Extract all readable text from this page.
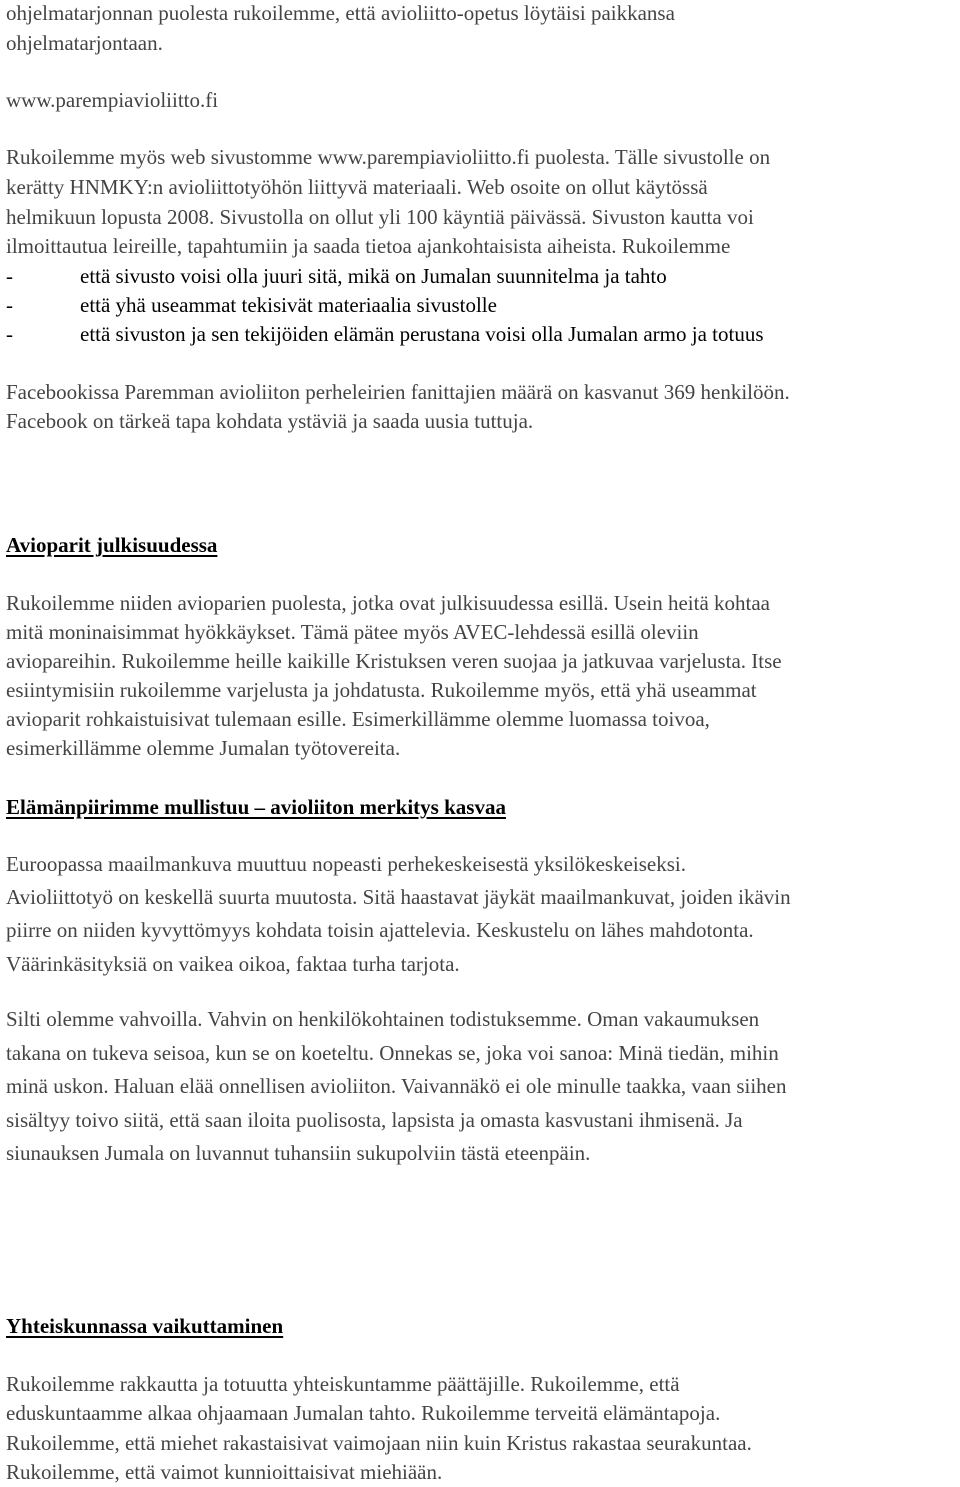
ohjelmatarjonnan puolesta rukoilemme, että avioliitto-opetus löytäisi paikkansa
ohjelmatarjontaan.
www.parempiavioliitto.fi
Rukoilemme myös web sivustomme www.parempiavioliitto.fi puolesta. Tälle sivustolle on
kerätty HNMKY:n avioliittotyöhön liittyvä materiaali. Web osoite on ollut käytössä
helmikuun lopusta 2008. Sivustolla on ollut yli 100 käyntiä päivässä. Sivuston kautta voi
ilmoittautua leireille, tapahtumiin ja saada tietoa ajankohtaisista aiheista. Rukoilemme
-	että sivusto voisi olla juuri sitä, mikä on Jumalan suunnitelma ja tahto
-	että yhä useammat tekisivät materiaalia sivustolle
-	että sivuston ja sen tekijöiden elämän perustana voisi olla Jumalan armo ja totuus
Facebookissa Paremman avioliiton perheleirien fanittajien määrä on kasvanut 369 henkilöön.
Facebook on tärkeä tapa kohdata ystäviä ja saada uusia tuttuja.
Avioparit julkisuudessa
Rukoilemme niiden avioparien puolesta, jotka ovat julkisuudessa esillä. Usein heitä kohtaa
mitä moninaisimmat hyökkäykset. Tämä pätee myös AVEC-lehdessä esillä oleviin
aviopareihin. Rukoilemme heille kaikille Kristuksen veren suojaa ja jatkuvaa varjelusta. Itse
esiintymisiin rukoilemme varjelusta ja johdatusta. Rukoilemme myös, että yhä useammat
avioparit rohkaistuisivat tulemaan esille. Esimerkillämme olemme luomassa toivoa,
esimerkillämme olemme Jumalan työtovereita.
Elämänpiirimme mullistuu – avioliiton merkitys kasvaa
Euroopassa maailmankuva muuttuu nopeasti perhekeskeisestä yksilökeskeiseksi.
Avioliittotyö on keskellä suurta muutosta. Sitä haastavat jäykät maailmankuvat, joiden ikävin
piirre on niiden kyvyttömyys kohdata toisin ajattelevia. Keskustelu on lähes mahdotonta.
Väärinkäsityksiä on vaikea oikoa, faktaa turha tarjota.
Silti olemme vahvoilla. Vahvin on henkilökohtainen todistuksemme. Oman vakaumuksen
takana on tukeva seisoa, kun se on koeteltu. Onnekas se, joka voi sanoa: Minä tiedän, mihin
minä uskon. Haluan elää onnellisen avioliiton. Vaivannäkö ei ole minulle taakka, vaan siihen
sisältyy toivo siitä, että saan iloita puolisosta, lapsista ja omasta kasvustani ihmisenä. Ja
siunauksen Jumala on luvannut tuhansiin sukupolviin tästä eteenpäin.
Yhteiskunnassa vaikuttaminen
Rukoilemme rakkautta ja totuutta yhteiskuntamme päättäjille. Rukoilemme, että
eduskuntaamme alkaa ohjaamaan Jumalan tahto. Rukoilemme terveitä elämäntapoja.
Rukoilemme, että miehet rakastaisivat vaimojaan niin kuin Kristus rakastaa seurakuntaa.
Rukoilemme, että vaimot kunnioittaisivat miehiään.
